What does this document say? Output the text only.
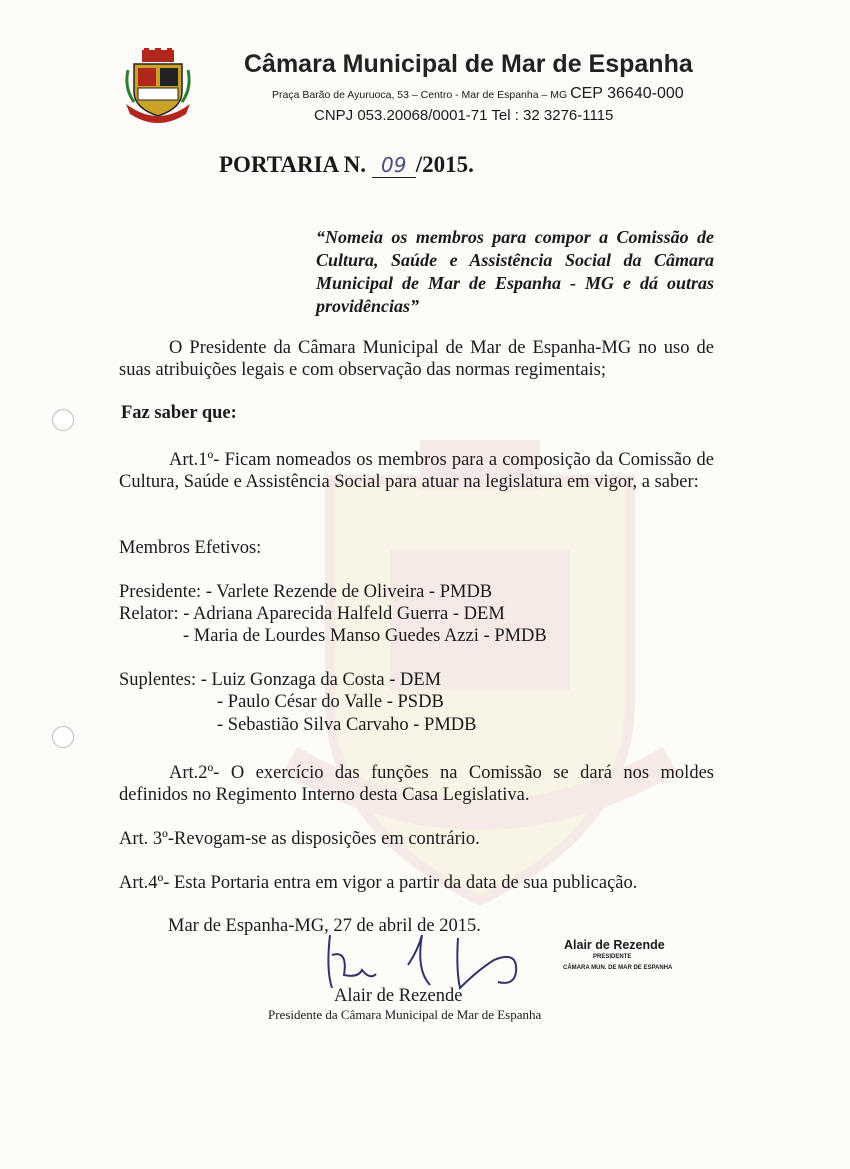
Câmara Municipal de Mar de Espanha
Praça Barão de Ayuruoca, 53 – Centro - Mar de Espanha – MG CEP 36640-000
CNPJ 053.20068/0001-71 Tel : 32 3276-1115
PORTARIA N. 09 /2015.

“Nomeia os membros para compor a Comissão de Cultura, Saúde e Assistência Social da Câmara Municipal de Mar de Espanha - MG e dá outras providências”

O Presidente da Câmara Municipal de Mar de Espanha-MG no uso de suas atribuições legais e com observação das normas regimentais;

Faz saber que:

Art.1º- Ficam nomeados os membros para a composição da Comissão de Cultura, Saúde e Assistência Social para atuar na legislatura em vigor, a saber:

Membros Efetivos:
Presidente: - Varlete Rezende de Oliveira - PMDB
Relator: - Adriana Aparecida Halfeld Guerra - DEM
- Maria de Lourdes Manso Guedes Azzi - PMDB
Suplentes: - Luiz Gonzaga da Costa - DEM
- Paulo César do Valle - PSDB
- Sebastião Silva Carvaho - PMDB

Art.2º- O exercício das funções na Comissão se dará nos moldes definidos no Regimento Interno desta Casa Legislativa.

Art. 3º-Revogam-se as disposições em contrário.
Art.4º- Esta Portaria entra em vigor a partir da data de sua publicação.
Mar de Espanha-MG, 27 de abril de 2015.
Alair de Rezende
PRESIDENTE
CÂMARA MUN. DE MAR DE ESPANHA
Alair de Rezende
Presidente da Câmara Municipal de Mar de Espanha
